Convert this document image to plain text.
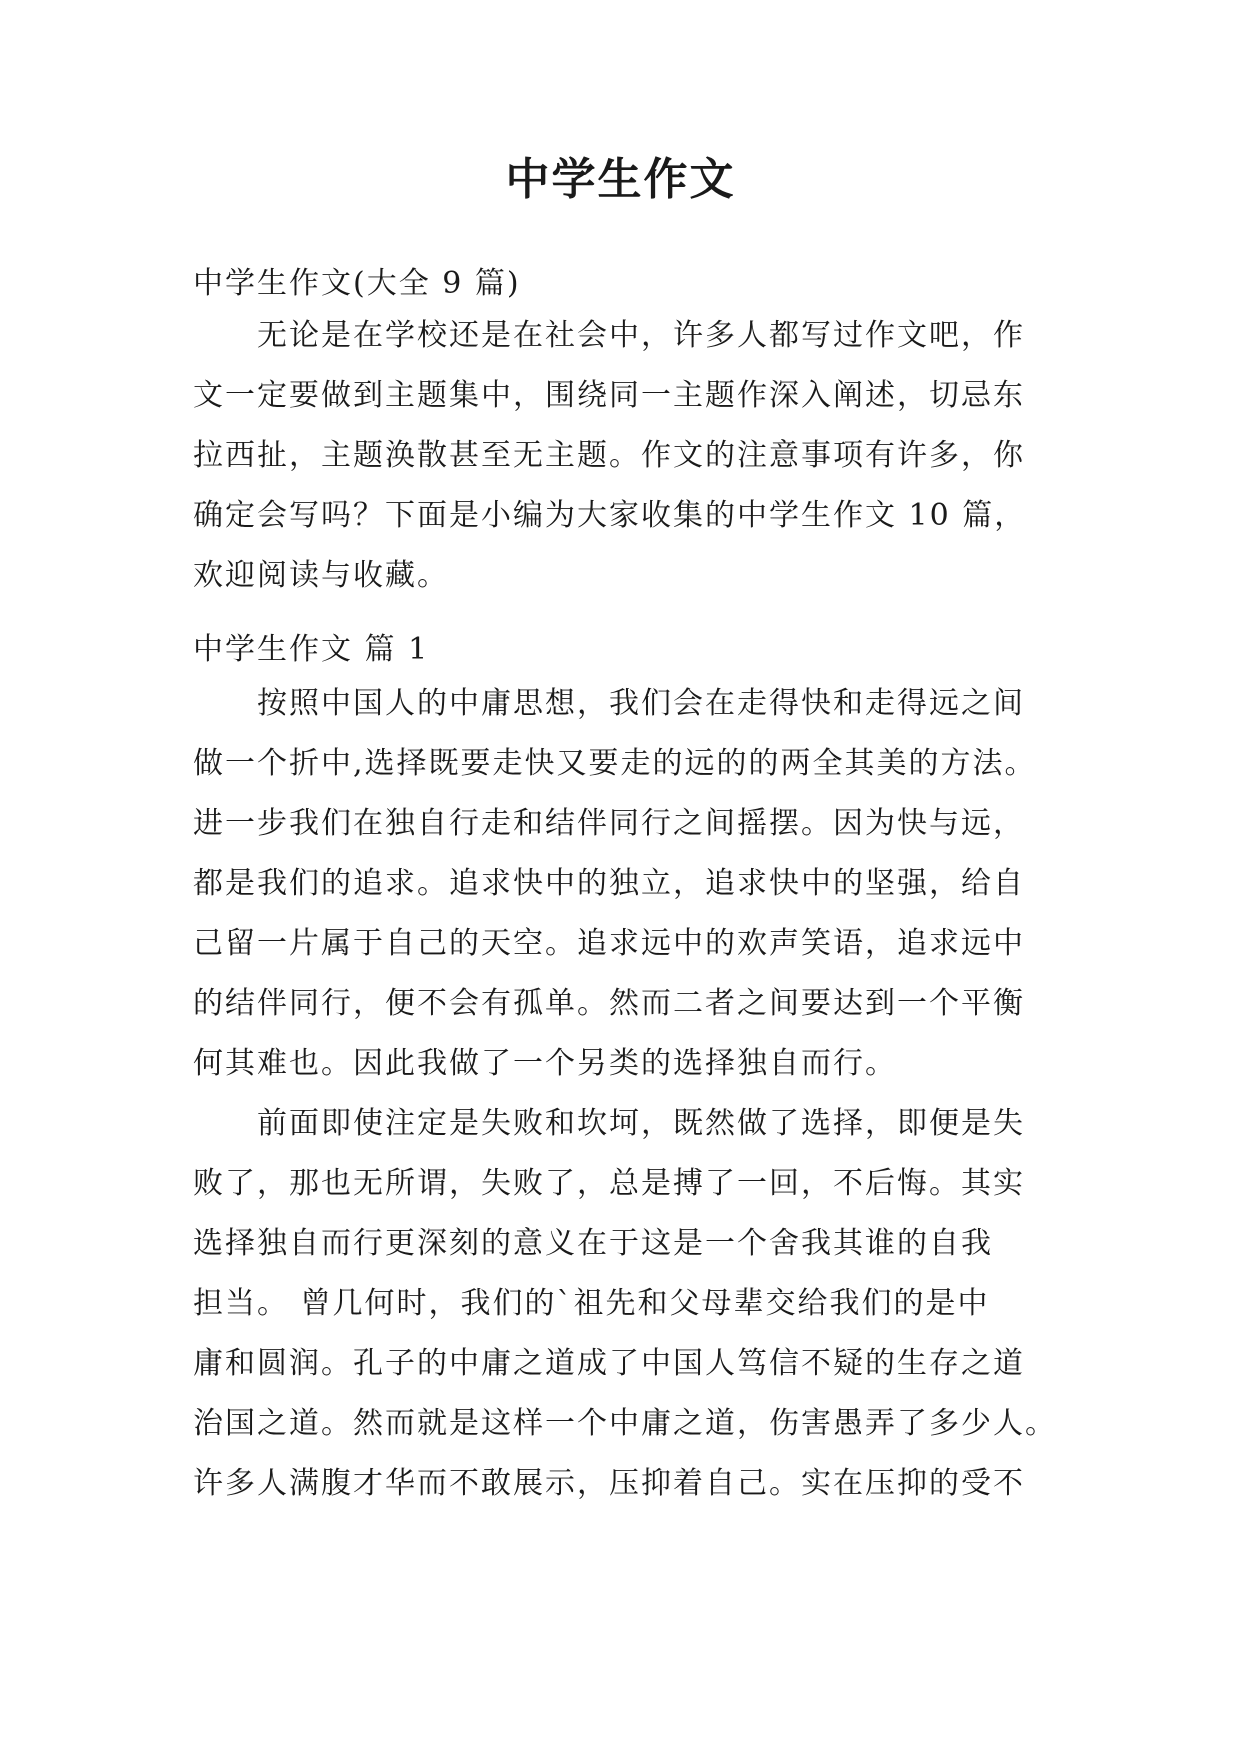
中学生作文
中学生作文(大全 9 篇)
无论是在学校还是在社会中，许多人都写过作文吧，作
文一定要做到主题集中，围绕同一主题作深入阐述，切忌东
拉西扯，主题涣散甚至无主题。作文的注意事项有许多，你
确定会写吗？下面是小编为大家收集的中学生作文 10 篇，
欢迎阅读与收藏。
中学生作文 篇 1
按照中国人的中庸思想，我们会在走得快和走得远之间
做一个折中,选择既要走快又要走的远的的两全其美的方法。
进一步我们在独自行走和结伴同行之间摇摆。因为快与远，
都是我们的追求。追求快中的独立，追求快中的坚强，给自
己留一片属于自己的天空。追求远中的欢声笑语，追求远中
的结伴同行，便不会有孤单。然而二者之间要达到一个平衡
何其难也。因此我做了一个另类的选择独自而行。
前面即使注定是失败和坎坷，既然做了选择，即便是失
败了，那也无所谓，失败了，总是搏了一回，不后悔。其实
选择独自而行更深刻的意义在于这是一个舍我其谁的自我
担当。 曾几何时，我们的`祖先和父母辈交给我们的是中
庸和圆润。孔子的中庸之道成了中国人笃信不疑的生存之道
治国之道。然而就是这样一个中庸之道，伤害愚弄了多少人。
许多人满腹才华而不敢展示，压抑着自己。实在压抑的受不
